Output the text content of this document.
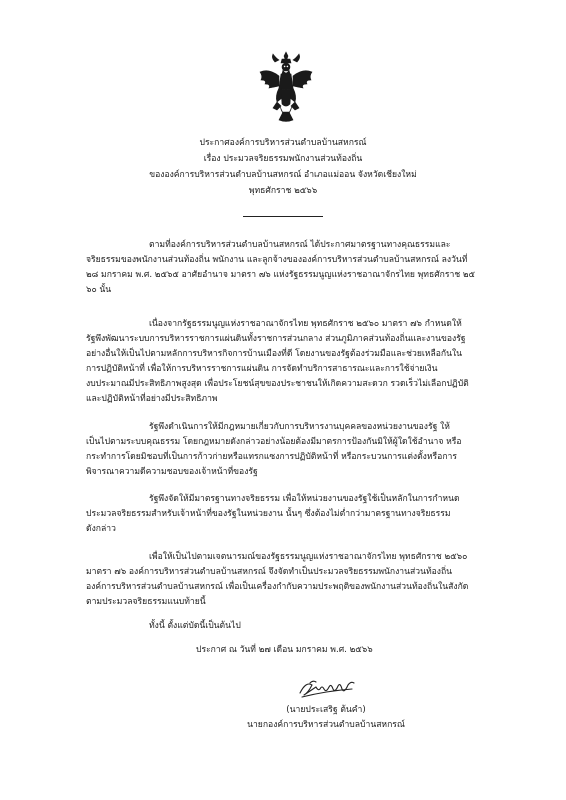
ประกาศองค์การบริหารส่วนตำบลบ้านสหกรณ์
เรื่อง ประมวลจริยธรรมพนักงานส่วนท้องถิ่น
ขององค์การบริหารส่วนตำบลบ้านสหกรณ์ อำเภอแม่ออน จังหวัดเชียงใหม่
พุทธศักราช ๒๕๖๖
ตามที่องค์การบริหารส่วนตำบลบ้านสหกรณ์ ได้ประกาศมาตรฐานทางคุณธรรมและ
จริยธรรมของพนักงานส่วนท้องถิ่น พนักงาน และลูกจ้างขององค์การบริหารส่วนตำบลบ้านสหกรณ์ ลงวันที่
๒๘ มกราคม พ.ศ. ๒๕๖๕ อาศัยอำนาจ มาตรา ๗๖ แห่งรัฐธรรมนูญแห่งราชอาณาจักรไทย พุทธศักราช ๒๕
๖๐ นั้น
เนื่องจากรัฐธรรมนูญแห่งราชอาณาจักรไทย พุทธศักราช ๒๕๖๐ มาตรา ๗๖ กำหนดให้
รัฐพึงพัฒนาระบบการบริหารราชการแผ่นดินทั้งราชการส่วนกลาง ส่วนภูมิภาคส่วนท้องถิ่นและงานของรัฐ
อย่างอื่นให้เป็นไปตามหลักการบริหารกิจการบ้านเมืองที่ดี โดยงานของรัฐต้องร่วมมือและช่วยเหลือกันใน
การปฏิบัติหน้าที่ เพื่อให้การบริหารราชการแผ่นดิน การจัดทำบริการสาธารณะและการใช้จ่ายเงิน
งบประมาณมีประสิทธิภาพสูงสุด เพื่อประโยชน์สุขของประชาชนให้เกิดความสะดวก รวดเร็วไม่เลือกปฏิบัติ
และปฏิบัติหน้าที่อย่างมีประสิทธิภาพ
รัฐพึงดำเนินการให้มีกฎหมายเกี่ยวกับการบริหารงานบุคคลของหน่วยงานของรัฐ ให้
เป็นไปตามระบบคุณธรรม โดยกฎหมายดังกล่าวอย่างน้อยต้องมีมาตรการป้องกันมิให้ผู้ใดใช้อำนาจ หรือ
กระทำการโดยมิชอบที่เป็นการก้าวก่ายหรือแทรกแซงการปฏิบัติหน้าที่ หรือกระบวนการแต่งตั้งหรือการ
พิจารณาความดีความชอบของเจ้าหน้าที่ของรัฐ
รัฐพึงจัดให้มีมาตรฐานทางจริยธรรม เพื่อให้หน่วยงานของรัฐใช้เป็นหลักในการกำหนด
ประมวลจริยธรรมสำหรับเจ้าหน้าที่ของรัฐในหน่วยงาน นั้นๆ ซึ่งต้องไม่ต่ำกว่ามาตรฐานทางจริยธรรม
ดังกล่าว
เพื่อให้เป็นไปตามเจตนารมณ์ของรัฐธรรมนูญแห่งราชอาณาจักรไทย พุทธศักราช ๒๕๖๐
มาตรา ๗๖ องค์การบริหารส่วนตำบลบ้านสหกรณ์ จึงจัดทำเป็นประมวลจริยธรรมพนักงานส่วนท้องถิ่น
องค์การบริหารส่วนตำบลบ้านสหกรณ์ เพื่อเป็นเครื่องกำกับความประพฤติของพนักงานส่วนท้องถิ่นในสังกัด
ตามประมวลจริยธรรมแนบท้ายนี้
ทั้งนี้ ตั้งแต่บัดนี้เป็นต้นไป
ประกาศ ณ วันที่ ๒๗ เดือน มกราคม พ.ศ. ๒๕๖๖
(นายประเสริฐ ต้นคำ)
นายกองค์การบริหารส่วนตำบลบ้านสหกรณ์
